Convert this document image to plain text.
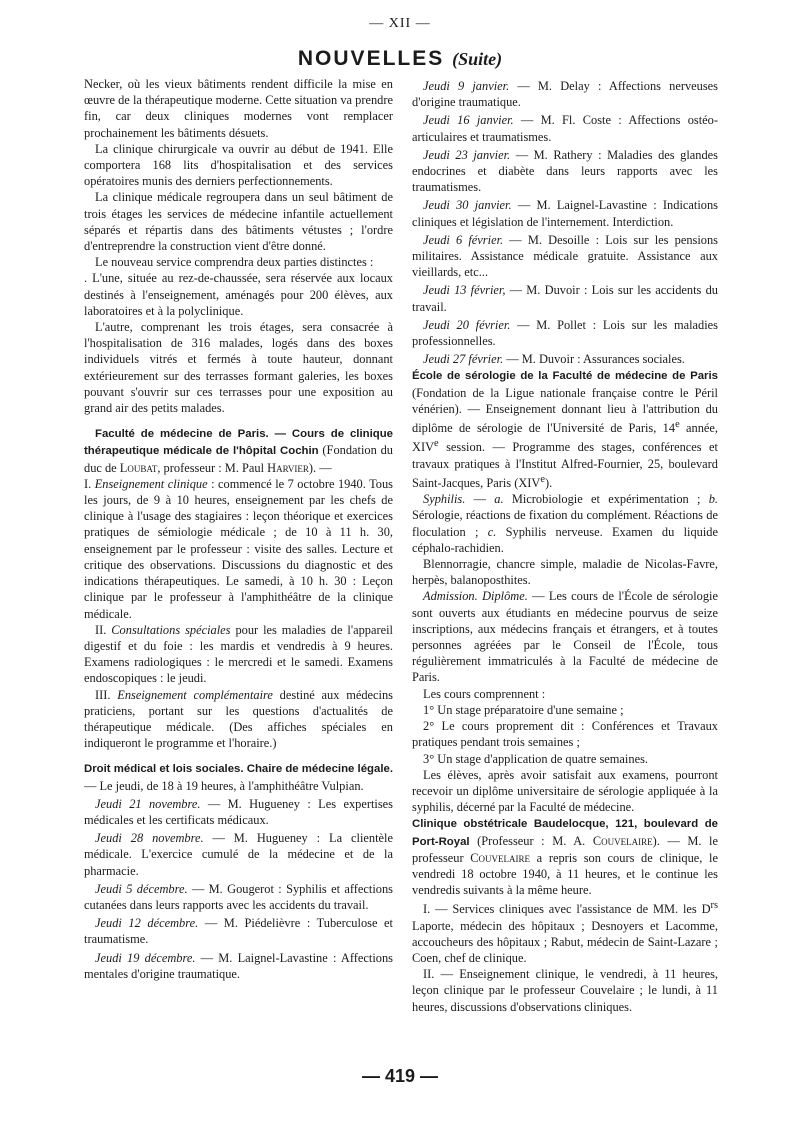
— XII —
NOUVELLES (Suite)

Necker, où les vieux bâtiments rendent difficile la mise en œuvre de la thérapeutique moderne. Cette situation va prendre fin, car deux cliniques modernes vont remplacer prochainement les bâtiments désuets.

La clinique chirurgicale va ouvrir au début de 1941. Elle comportera 168 lits d'hospitalisation et des services opératoires munis des derniers perfectionnements.

La clinique médicale regroupera dans un seul bâtiment de trois étages les services de médecine infantile actuellement séparés et répartis dans des bâtiments vétustes ; l'ordre d'entreprendre la construction vient d'être donné.

Le nouveau service comprendra deux parties distinctes :

. L'une, située au rez-de-chaussée, sera réservée aux locaux destinés à l'enseignement, aménagés pour 200 élèves, aux laboratoires et à la polyclinique.

L'autre, comprenant les trois étages, sera consacrée à l'hospitalisation de 316 malades, logés dans des boxes individuels vitrés et fermés à toute hauteur, donnant extérieurement sur des terrasses formant galeries, les boxes pouvant s'ouvrir sur ces terrasses pour une exposition au grand air des petits malades.

Faculté de médecine de Paris. — Cours de clinique thérapeutique médicale de l'hôpital Cochin (Fondation du duc de Loubat, professeur : M. Paul Harvier). —

I. Enseignement clinique : commencé le 7 octobre 1940. Tous les jours, de 9 à 10 heures, enseignement par les chefs de clinique à l'usage des stagiaires : leçon théorique et exercices pratiques de sémiologie médicale ; de 10 à 11 h. 30, enseignement par le professeur : visite des salles. Lecture et critique des observations. Discussions du diagnostic et des indications thérapeutiques. Le samedi, à 10 h. 30 : Leçon clinique par le professeur à l'amphithéâtre de la clinique médicale.

II. Consultations spéciales pour les maladies de l'appareil digestif et du foie : les mardis et vendredis à 9 heures. Examens radiologiques : le mercredi et le samedi. Examens endoscopiques : le jeudi.

III. Enseignement complémentaire destiné aux médecins praticiens, portant sur les questions d'actualités de thérapeutique médicale. (Des affiches spéciales en indiqueront le programme et l'horaire.)

Droit médical et lois sociales. Chaire de médecine légale. — Le jeudi, de 18 à 19 heures, à l'amphithéâtre Vulpian.

Jeudi 21 novembre. — M. Hugueney : Les expertises médicales et les certificats médicaux.

Jeudi 28 novembre. — M. Hugueney : La clientèle médicale. L'exercice cumulé de la médecine et de la pharmacie.

Jeudi 5 décembre. — M. Gougerot : Syphilis et affections cutanées dans leurs rapports avec les accidents du travail.

Jeudi 12 décembre. — M. Piédelièvre : Tuberculose et traumatisme.

Jeudi 19 décembre. — M. Laignel-Lavastine : Affections mentales d'origine traumatique.

Jeudi 9 janvier. — M. Delay : Affections nerveuses d'origine traumatique.

Jeudi 16 janvier. — M. Fl. Coste : Affections ostéo-articulaires et traumatismes.

Jeudi 23 janvier. — M. Rathery : Maladies des glandes endocrines et diabète dans leurs rapports avec les traumatismes.

Jeudi 30 janvier. — M. Laignel-Lavastine : Indications cliniques et législation de l'internement. Interdiction.

Jeudi 6 février. — M. Desoille : Lois sur les pensions militaires. Assistance médicale gratuite. Assistance aux vieillards, etc...

Jeudi 13 février, — M. Duvoir : Lois sur les accidents du travail.

Jeudi 20 février. — M. Pollet : Lois sur les maladies professionnelles.

Jeudi 27 février. — M. Duvoir : Assurances sociales.

École de sérologie de la Faculté de médecine de Paris (Fondation de la Ligue nationale française contre le Péril vénérien). — Enseignement donnant lieu à l'attribution du diplôme de sérologie de l'Université de Paris, 14e année, XIVe session. — Programme des stages, conférences et travaux pratiques à l'Institut Alfred-Fournier, 25, boulevard Saint-Jacques, Paris (XIVe).

Syphilis. — a. Microbiologie et expérimentation ; b. Sérologie, réactions de fixation du complément. Réactions de floculation ; c. Syphilis nerveuse. Examen du liquide céphalo-rachidien.

Blennorragie, chancre simple, maladie de Nicolas-Favre, herpès, balanoposthites.

Admission. Diplôme. — Les cours de l'École de sérologie sont ouverts aux étudiants en médecine pourvus de seize inscriptions, aux médecins français et étrangers, et à toutes personnes agréées par le Conseil de l'École, tous régulièrement immatriculés à la Faculté de médecine de Paris.

Les cours comprennent :

1° Un stage préparatoire d'une semaine ;

2° Le cours proprement dit : Conférences et Travaux pratiques pendant trois semaines ;

3° Un stage d'application de quatre semaines.

Les élèves, après avoir satisfait aux examens, pourront recevoir un diplôme universitaire de sérologie appliquée à la syphilis, décerné par la Faculté de médecine.

Clinique obstétricale Baudelocque, 121, boulevard de Port-Royal (Professeur : M. A. Couvelaire). — M. le professeur Couvelaire a repris son cours de clinique, le vendredi 18 octobre 1940, à 11 heures, et le continue les vendredis suivants à la même heure.

I. — Services cliniques avec l'assistance de MM. les $D^{rs}$ Laporte, médecin des hôpitaux ; Desnoyers et Lacomme, accoucheurs des hôpitaux ; Rabut, médecin de Saint-Lazare ; Coen, chef de clinique.

II. — Enseignement clinique, le vendredi, à 11 heures, leçon clinique par le professeur Couvelaire ; le lundi, à 11 heures, discussions d'observations cliniques.

— 419 —
